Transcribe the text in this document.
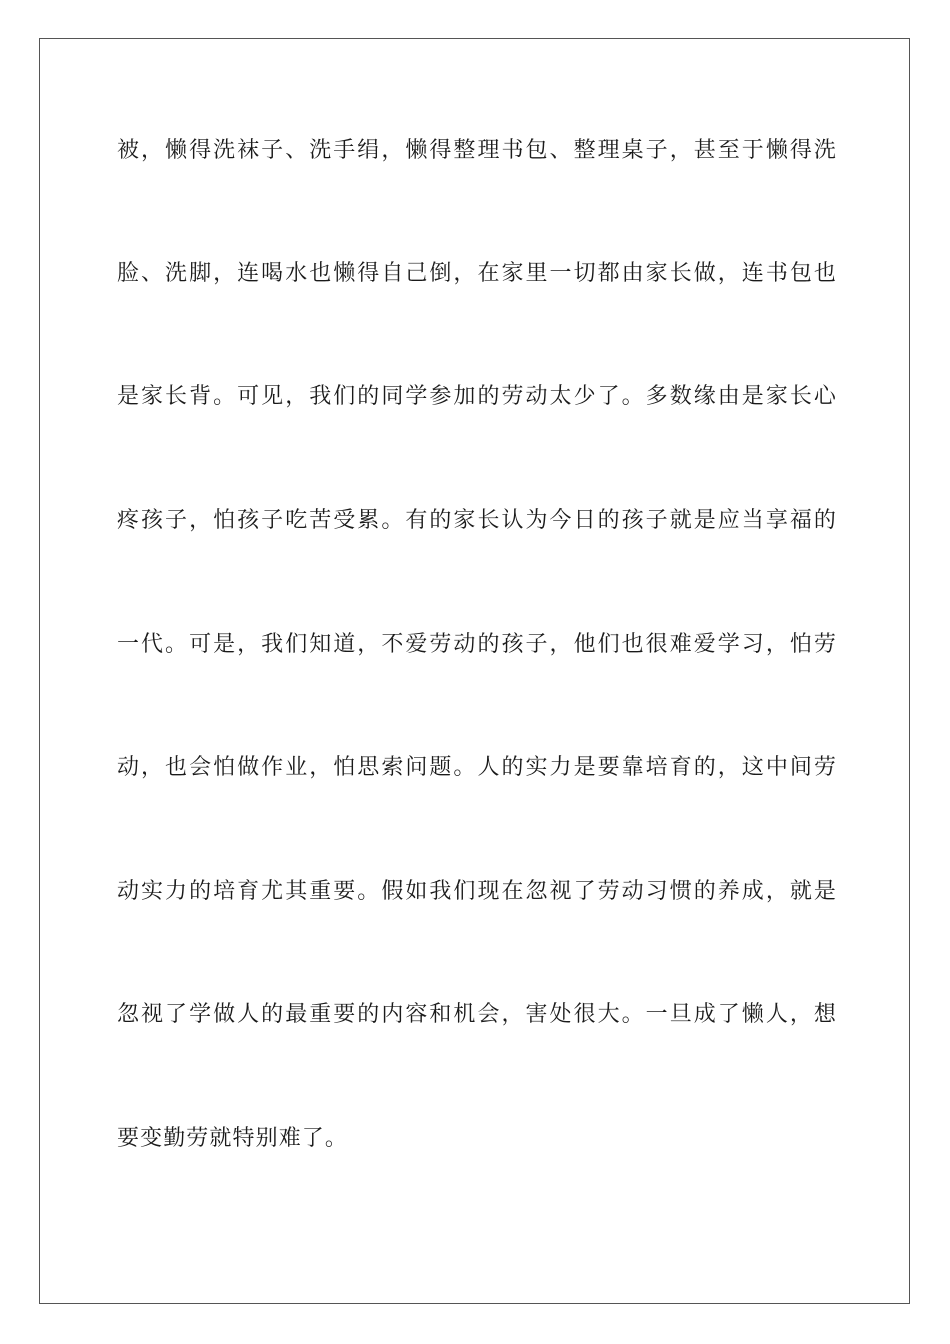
被，懒得洗袜子、洗手绢，懒得整理书包、整理桌子，甚至于懒得洗
脸、洗脚，连喝水也懒得自己倒，在家里一切都由家长做，连书包也
是家长背。可见，我们的同学参加的劳动太少了。多数缘由是家长心
疼孩子，怕孩子吃苦受累。有的家长认为今日的孩子就是应当享福的
一代。可是，我们知道，不爱劳动的孩子，他们也很难爱学习，怕劳
动，也会怕做作业，怕思索问题。人的实力是要靠培育的，这中间劳
动实力的培育尤其重要。假如我们现在忽视了劳动习惯的养成，就是
忽视了学做人的最重要的内容和机会，害处很大。一旦成了懒人，想
要变勤劳就特别难了。
